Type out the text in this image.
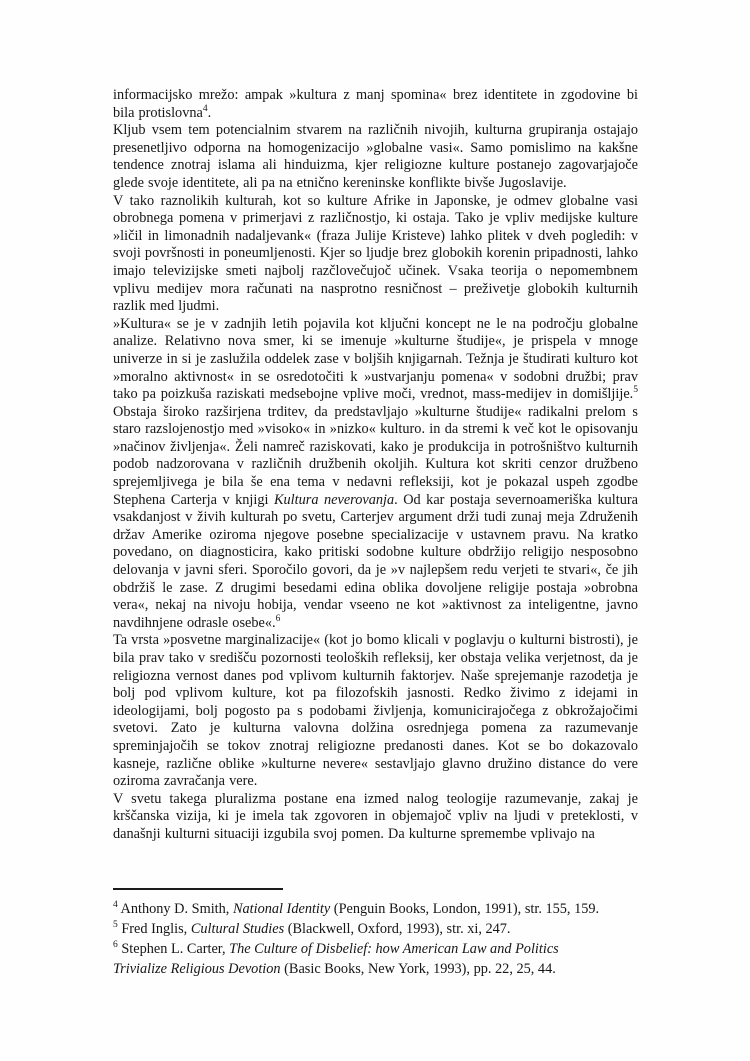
informacijsko mrežo: ampak »kultura z manj spomina« brez identitete in zgodovine bi bila protislovna$^4$.

Kljub vsem tem potencialnim stvarem na različnih nivojih, kulturna grupiranja ostajajo presenetljivo odporna na homogenizacijo »globalne vasi«. Samo pomislimo na kakšne tendence znotraj islama ali hinduizma, kjer religiozne kulture postanejo zagovarjajoče glede svoje identitete, ali pa na etnično kereninske konflikte bivše Jugoslavije.

V tako raznolikih kulturah, kot so kulture Afrike in Japonske, je odmev globalne vasi obrobnega pomena v primerjavi z različnostjo, ki ostaja. Tako je vpliv medijske kulture »ličil in limonadnih nadaljevank« (fraza Julije Kristeve) lahko plitek v dveh pogledih: v svoji površnosti in poneumljenosti. Kjer so ljudje brez globokih korenin pripadnosti, lahko imajo televizijske smeti najbolj razčlovečujoč učinek. Vsaka teorija o nepomembnem vplivu medijev mora računati na nasprotno resničnost – preživetje globokih kulturnih razlik med ljudmi.

»Kultura« se je v zadnjih letih pojavila kot ključni koncept ne le na področju globalne analize. Relativno nova smer, ki se imenuje »kulturne študije«, je prispela v mnoge univerze in si je zaslužila oddelek zase v boljših knjigarnah. Težnja je študirati kulturo kot »moralno aktivnost« in se osredotočiti k »ustvarjanju pomena« v sodobni družbi; prav tako pa poizkuša raziskati medsebojne vplive moči, vrednot, mass-medijev in domišljije.$^5$ Obstaja široko razširjena trditev, da predstavljajo »kulturne študije« radikalni prelom s staro razslojenostjo med »visoko« in »nizko« kulturo. in da stremi k več kot le opisovanju »načinov življenja«. Želi namreč raziskovati, kako je produkcija in potrošništvo kulturnih podob nadzorovana v različnih družbenih okoljih. Kultura kot skriti cenzor družbeno sprejemljivega je bila še ena tema v nedavni refleksiji, kot je pokazal uspeh zgodbe Stephena Carterja v knjigi Kultura neverovanja. Od kar postaja severnoameriška kultura vsakdanjost v živih kulturah po svetu, Carterjev argument drži tudi zunaj meja Združenih držav Amerike oziroma njegove posebne specializacije v ustavnem pravu. Na kratko povedano, on diagnosticira, kako pritiski sodobne kulture obdržijo religijo nesposobno delovanja v javni sferi. Sporočilo govori, da je »v najlepšem redu verjeti te stvari«, če jih obdržiš le zase. Z drugimi besedami edina oblika dovoljene religije postaja »obrobna vera«, nekaj na nivoju hobija, vendar vseeno ne kot »aktivnost za inteligentne, javno navdihnjene odrasle osebe«.$^6$

Ta vrsta »posvetne marginalizacije« (kot jo bomo klicali v poglavju o kulturni bistrosti), je bila prav tako v središču pozornosti teoloških refleksij, ker obstaja velika verjetnost, da je religiozna vernost danes pod vplivom kulturnih faktorjev. Naše sprejemanje razodetja je bolj pod vplivom kulture, kot pa filozofskih jasnosti. Redko živimo z idejami in ideologijami, bolj pogosto pa s podobami življenja, komunicirajočega z obkrožajočimi svetovi. Zato je kulturna valovna dolžina osrednjega pomena za razumevanje spreminjajočih se tokov znotraj religiozne predanosti danes. Kot se bo dokazovalo kasneje, različne oblike »kulturne nevere« sestavljajo glavno družino distance do vere oziroma zavračanja vere.

V svetu takega pluralizma postane ena izmed nalog teologije razumevanje, zakaj je krščanska vizija, ki je imela tak zgovoren in objemajoč vpliv na ljudi v preteklosti, v današnji kulturni situaciji izgubila svoj pomen. Da kulturne spremembe vplivajo na

$^4$ Anthony D. Smith, National Identity (Penguin Books, London, 1991), str. 155, 159.

$^5$ Fred Inglis, Cultural Studies (Blackwell, Oxford, 1993), str. xi, 247.

$^6$ Stephen L. Carter, The Culture of Disbelief: how American Law and Politics
Trivialize Religious Devotion (Basic Books, New York, 1993), pp. 22, 25, 44.
